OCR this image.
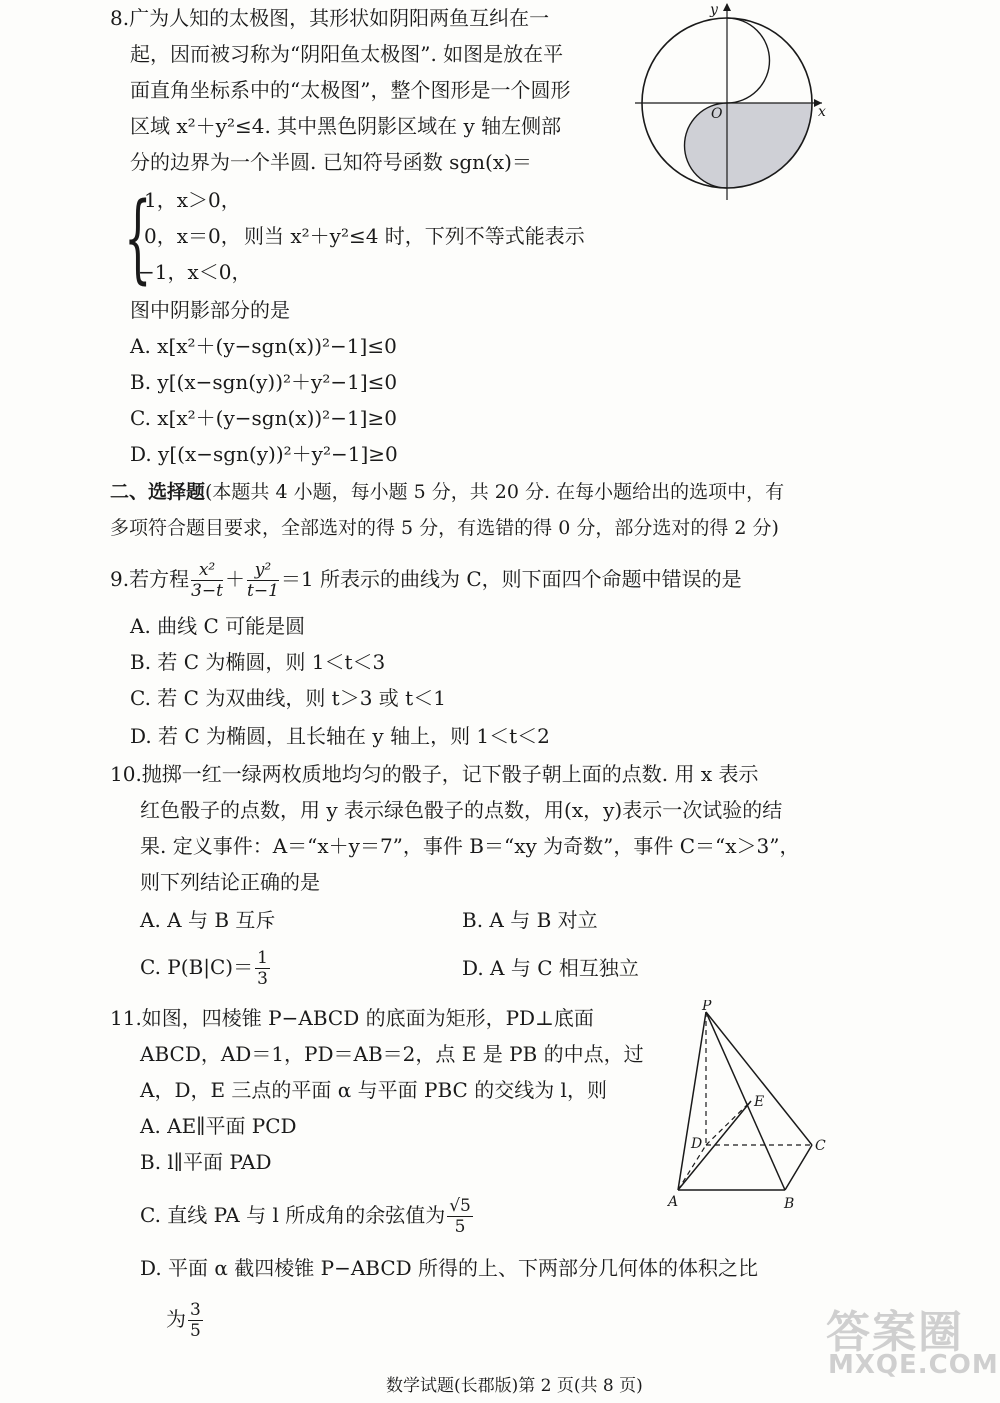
8.广为人知的太极图，其形状如阴阳两鱼互纠在一
起，因而被习称为“阴阳鱼太极图”. 如图是放在平
面直角坐标系中的“太极图”，整个图形是一个圆形
区域 x²＋y²≤4. 其中黑色阴影区域在 y 轴左侧部
分的边界为一个半圆. 已知符号函数 sgn(x)＝
{
1，x＞0，
0，x＝0， 则当 x²＋y²≤4 时，下列不等式能表示
−1，x＜0，
图中阴影部分的是
A. x[x²＋(y−sgn(x))²−1]≤0
B. y[(x−sgn(y))²＋y²−1]≤0
C. x[x²＋(y−sgn(x))²−1]≥0
D. y[(x−sgn(y))²＋y²−1]≥0
x
y
O
二、选择题(本题共 4 小题，每小题 5 分，共 20 分. 在每小题给出的选项中，有
多项符合题目要求，全部选对的得 5 分，有选错的得 0 分，部分选对的得 2 分)
9.若方程 $\frac{\text{x²}}{3-t} + \frac{\text{y²}}{t-1} =1$ 所表示的曲线为 C，则下面四个命题中错误的是
A. 曲线 C 可能是圆
B. 若 C 为椭圆，则 1＜t＜3
C. 若 C 为双曲线，则 t＞3 或 t＜1
D. 若 C 为椭圆，且长轴在 y 轴上，则 1＜t＜2
10.抛掷一红一绿两枚质地均匀的骰子，记下骰子朝上面的点数. 用 x 表示
红色骰子的点数，用 y 表示绿色骰子的点数，用(x，y)表示一次试验的结
果. 定义事件：A＝“x＋y＝7”，事件 B＝“xy 为奇数”，事件 C＝“x＞3”，
则下列结论正确的是
A. A 与 B 互斥	B. A 与 B 对立
C. $P(B|C)= \frac{1}{3}$	D. A 与 C 相互独立
11.如图，四棱锥 P−ABCD 的底面为矩形，PD⊥底面
ABCD，AD＝1，PD＝AB＝2，点 E 是 PB 的中点，过
A，D，E 三点的平面 α 与平面 PBC 的交线为 l，则
A. AE∥平面 PCD
B. l∥平面 PAD
C. 直线 PA 与 l 所成角的余弦值为 $\frac{√5}{5}$
D. 平面 α 截四棱锥 P−ABCD 所得的上、下两部分几何体的体积之比
为 $\frac{3}{5}$
P
A	B
C
D
E
数学试题(长郡版)第 2 页(共 8 页)
答案圈
MXQE.COM
